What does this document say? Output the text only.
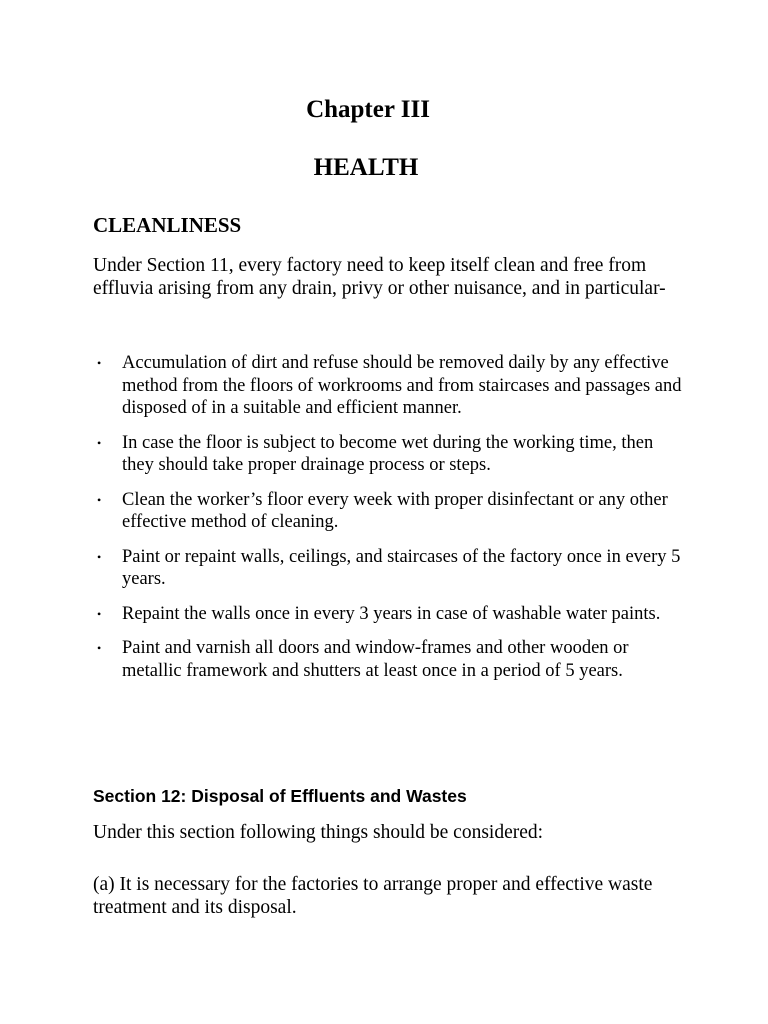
Chapter III
HEALTH
CLEANLINESS

Under Section 11, every factory need to keep itself clean and free from effluvia arising from any drain, privy or other nuisance, and in particular-

• Accumulation of dirt and refuse should be removed daily by any effective method from the floors of workrooms and from staircases and passages and disposed of in a suitable and efficient manner.
• In case the floor is subject to become wet during the working time, then they should take proper drainage process or steps.
• Clean the worker’s floor every week with proper disinfectant or any other effective method of cleaning.
• Paint or repaint walls, ceilings, and staircases of the factory once in every 5 years.
• Repaint the walls once in every 3 years in case of washable water paints.
• Paint and varnish all doors and window-frames and other wooden or metallic framework and shutters at least once in a period of 5 years.
Section 12: Disposal of Effluents and Wastes

Under this section following things should be considered:

(a) It is necessary for the factories to arrange proper and effective waste treatment and its disposal.
